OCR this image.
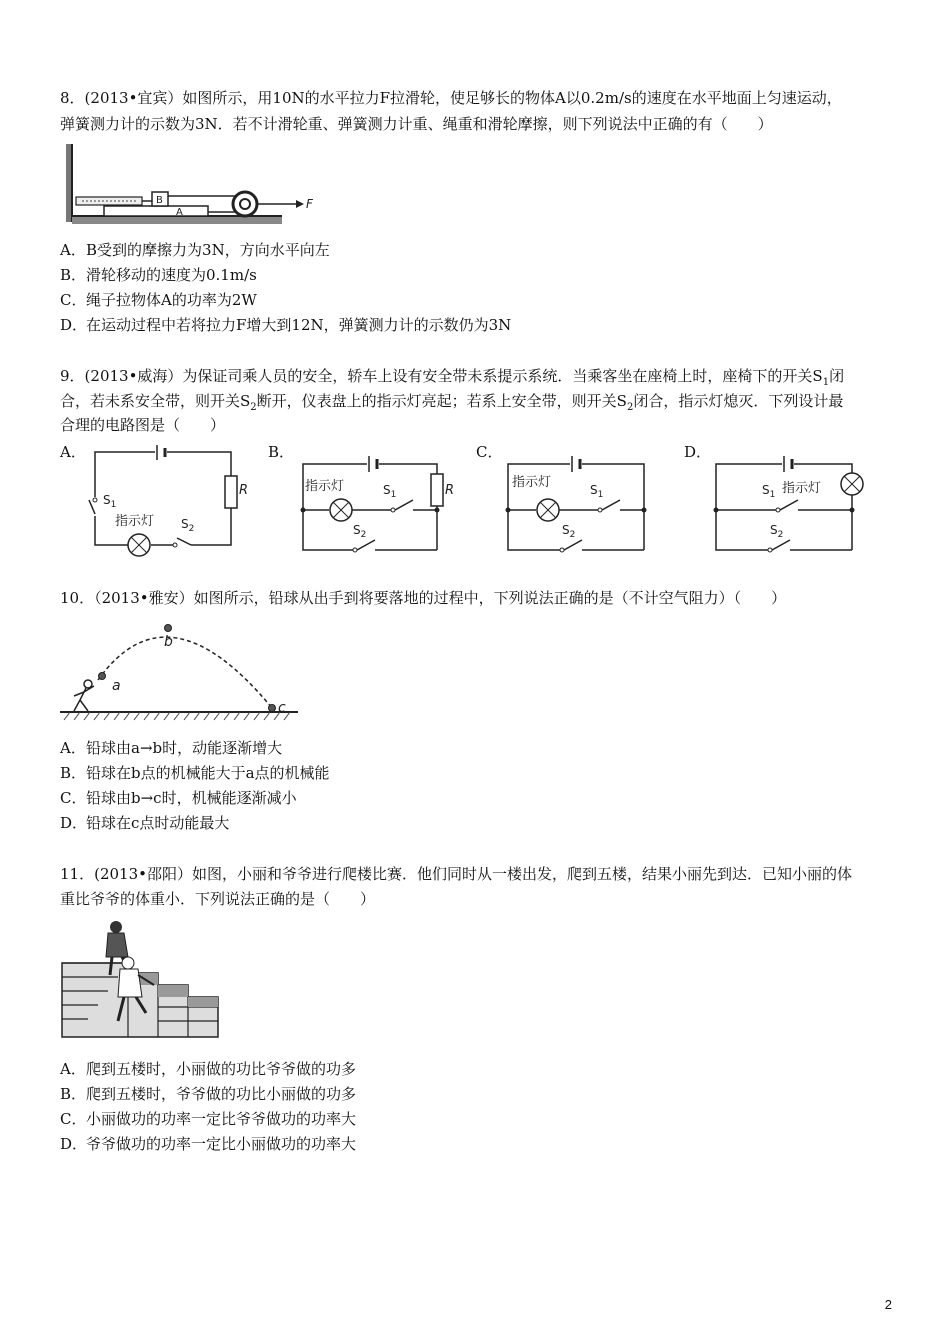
8．(2013•宜宾）如图所示，用10N的水平拉力F拉滑轮，使足够长的物体A以0.2m/s的速度在水平地面上匀速运动，
弹簧测力计的示数为3N．若不计滑轮重、弹簧测力计重、绳重和滑轮摩擦，则下列说法中正确的有（　　）
A
B	F
A．B受到的摩擦力为3N，方向水平向左
B．滑轮移动的速度为0.1m/s
C．绳子拉物体A的功率为2W
D．在运动过程中若将拉力F增大到12N，弹簧测力计的示数仍为3N
9．(2013•威海）为保证司乘人员的安全，轿车上设有安全带未系提示系统．当乘客坐在座椅上时，座椅下的开关$S_1$闭
合，若未系安全带，则开关$S_2$断开，仪表盘上的指示灯亮起；若系上安全带，则开关$S_2$闭合，指示灯熄灭．下列设计最
合理的电路图是（　　）
A．
R
$S_2$
指示灯
$S_1$
B．
R
指示灯	$S_1$
$S_2$
C．
指示灯	$S_1$
$S_2$
D．
$S_1$ 指示灯
$S_2$
10．（2013•雅安）如图所示，铅球从出手到将要落地的过程中，下列说法正确的是（不计空气阻力）（　　）
a
b
c
A．铅球由a→b时，动能逐渐增大
B．铅球在b点的机械能大于a点的机械能
C．铅球由b→c时，机械能逐渐减小
D．铅球在c点时动能最大
11．(2013•邵阳）如图，小丽和爷爷进行爬楼比赛．他们同时从一楼出发，爬到五楼，结果小丽先到达．已知小丽的体
重比爷爷的体重小．下列说法正确的是（　　）
A．爬到五楼时，小丽做的功比爷爷做的功多
B．爬到五楼时，爷爷做的功比小丽做的功多
C．小丽做功的功率一定比爷爷做功的功率大
D．爷爷做功的功率一定比小丽做功的功率大
2
